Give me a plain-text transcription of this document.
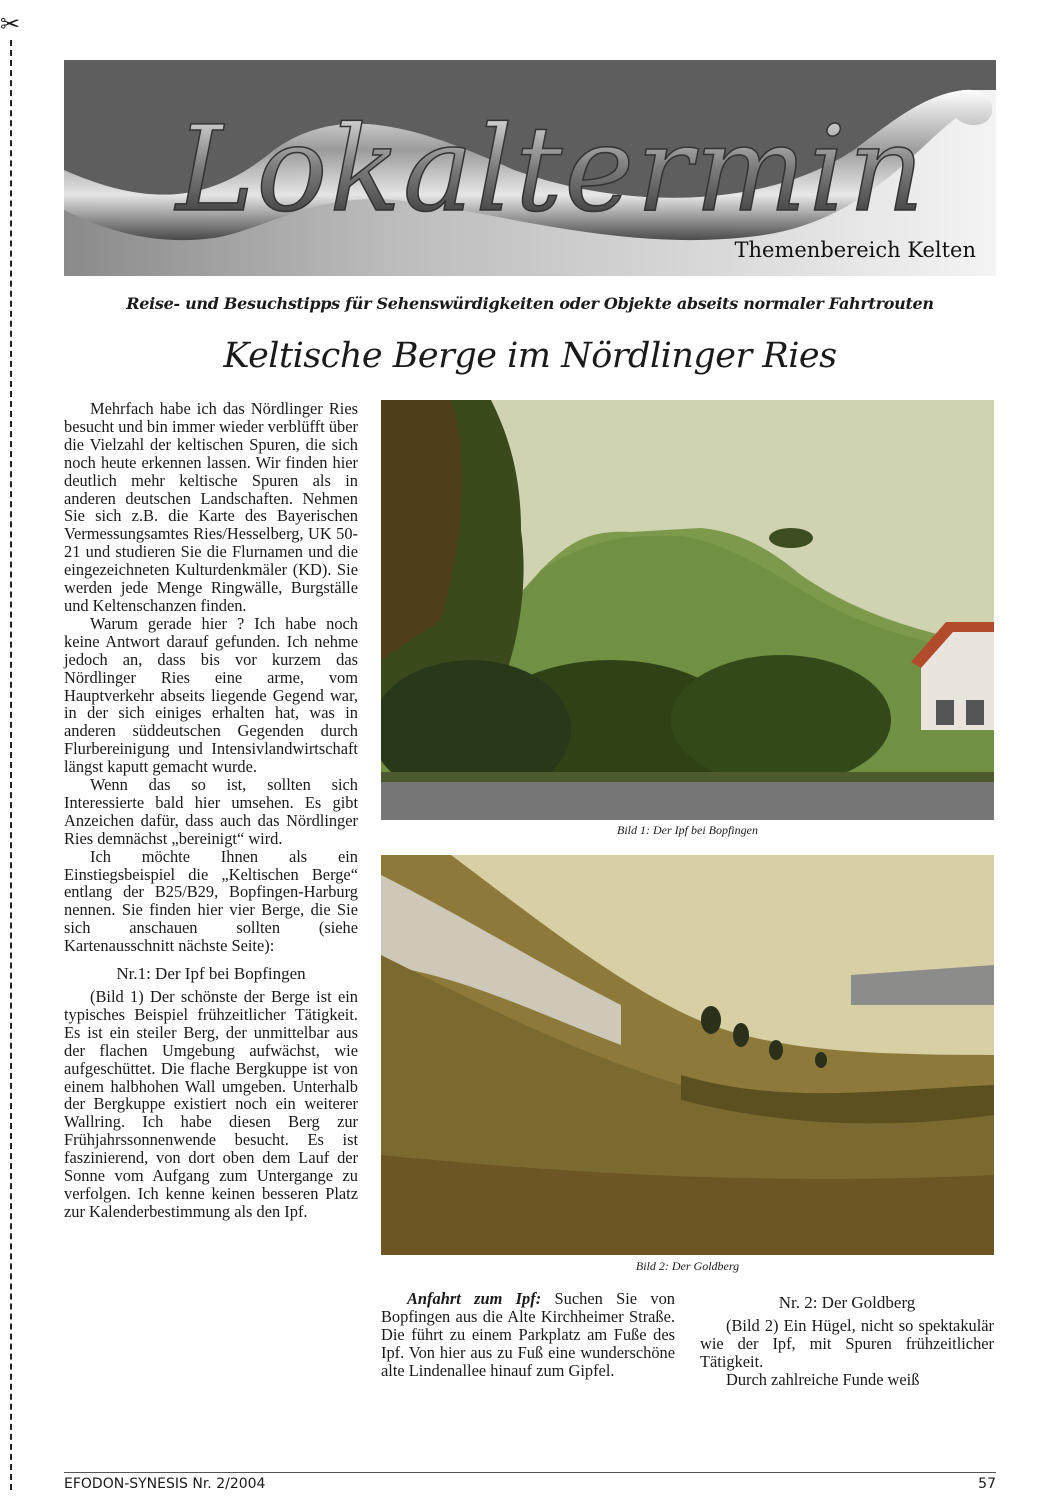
✂
Lokaltermin
Themenbereich Kelten
Reise- und Besuchstipps für Sehenswürdigkeiten oder Objekte abseits normaler Fahrtrouten
Keltische Berge im Nördlinger Ries

Mehrfach habe ich das Nördlinger Ries besucht und bin immer wieder verblüfft über die Vielzahl der keltischen Spuren, die sich noch heute erkennen lassen. Wir finden hier deutlich mehr keltische Spuren als in anderen deutschen Landschaften. Nehmen Sie sich z.B. die Karte des Bayerischen Vermessungsamtes Ries/Hesselberg, UK 50-21 und studieren Sie die Flurnamen und die eingezeichneten Kulturdenkmäler (KD). Sie werden jede Menge Ringwälle, Burgställe und Keltenschanzen finden.

Warum gerade hier ? Ich habe noch keine Antwort darauf gefunden. Ich nehme jedoch an, dass bis vor kurzem das Nördlinger Ries eine arme, vom Hauptverkehr abseits liegende Gegend war, in der sich einiges erhalten hat, was in anderen süddeutschen Gegenden durch Flurbereinigung und Intensivlandwirtschaft längst kaputt gemacht wurde.

Wenn das so ist, sollten sich Interessierte bald hier umsehen. Es gibt Anzeichen dafür, dass auch das Nördlinger Ries demnächst „bereinigt“ wird.

Ich möchte Ihnen als ein Einstiegsbeispiel die „Keltischen Berge“ entlang der B25/B29, Bopfingen-Harburg nennen. Sie finden hier vier Berge, die Sie sich anschauen sollten (siehe Kartenausschnitt nächste Seite):

Nr.1: Der Ipf bei Bopfingen

(Bild 1) Der schönste der Berge ist ein typisches Beispiel frühzeitlicher Tätigkeit. Es ist ein steiler Berg, der unmittelbar aus der flachen Umgebung aufwächst, wie aufgeschüttet. Die flache Bergkuppe ist von einem halbhohen Wall umgeben. Unterhalb der Bergkuppe existiert noch ein weiterer Wallring. Ich habe diesen Berg zur Frühjahrssonnenwende besucht. Es ist faszinierend, von dort oben dem Lauf der Sonne vom Aufgang zum Untergange zu verfolgen. Ich kenne keinen besseren Platz zur Kalenderbestimmung als den Ipf.

Bild 1: Der Ipf bei Bopfingen
Bild 2: Der Goldberg

Anfahrt zum Ipf: Suchen Sie von Bopfingen aus die Alte Kirchheimer Straße. Die führt zu einem Parkplatz am Fuße des Ipf. Von hier aus zu Fuß eine wunderschöne alte Lindenallee hinauf zum Gipfel.

Nr. 2: Der Goldberg

(Bild 2) Ein Hügel, nicht so spektakulär wie der Ipf, mit Spuren frühzeitlicher Tätigkeit.

Durch zahlreiche Funde weiß

EFODON-SYNESIS Nr. 2/2004	57
